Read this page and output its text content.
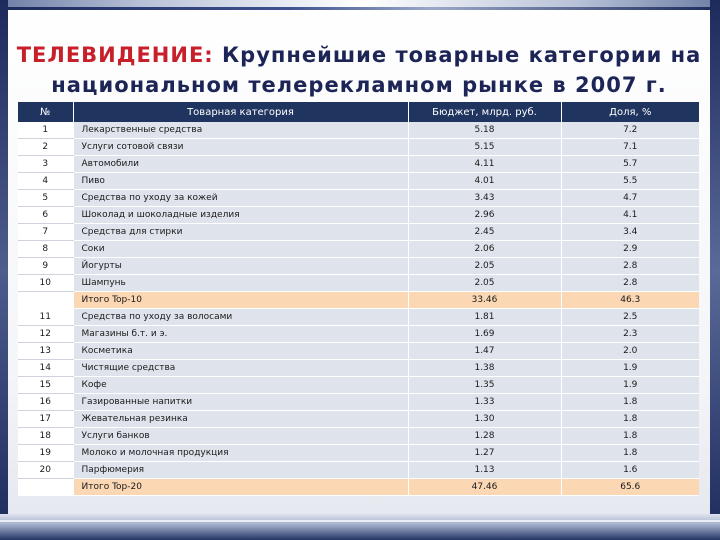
ТЕЛЕВИДЕНИЕ: Крупнейшие товарные категории на национальном телерекламном рынке в 2007 г.
№	Товарная категория	Бюджет, млрд. руб.	Доля, %
1	Лекарственные средства	5.18	7.2
2	Услуги сотовой связи	5.15	7.1
3	Автомобили	4.11	5.7
4	Пиво	4.01	5.5
5	Средства по уходу за кожей	3.43	4.7
6	Шоколад и шоколадные изделия	2.96	4.1
7	Средства для стирки	2.45	3.4
8	Соки	2.06	2.9
9	Йогурты	2.05	2.8
10	Шампунь	2.05	2.8
	Итого Top-10	33.46	46.3
11	Средства по уходу за волосами	1.81	2.5
12	Магазины б.т. и э.	1.69	2.3
13	Косметика	1.47	2.0
14	Чистящие средства	1.38	1.9
15	Кофе	1.35	1.9
16	Газированные напитки	1.33	1.8
17	Жевательная резинка	1.30	1.8
18	Услуги банков	1.28	1.8
19	Молоко и молочная продукция	1.27	1.8
20	Парфюмерия	1.13	1.6
	Итого Top-20	47.46	65.6
